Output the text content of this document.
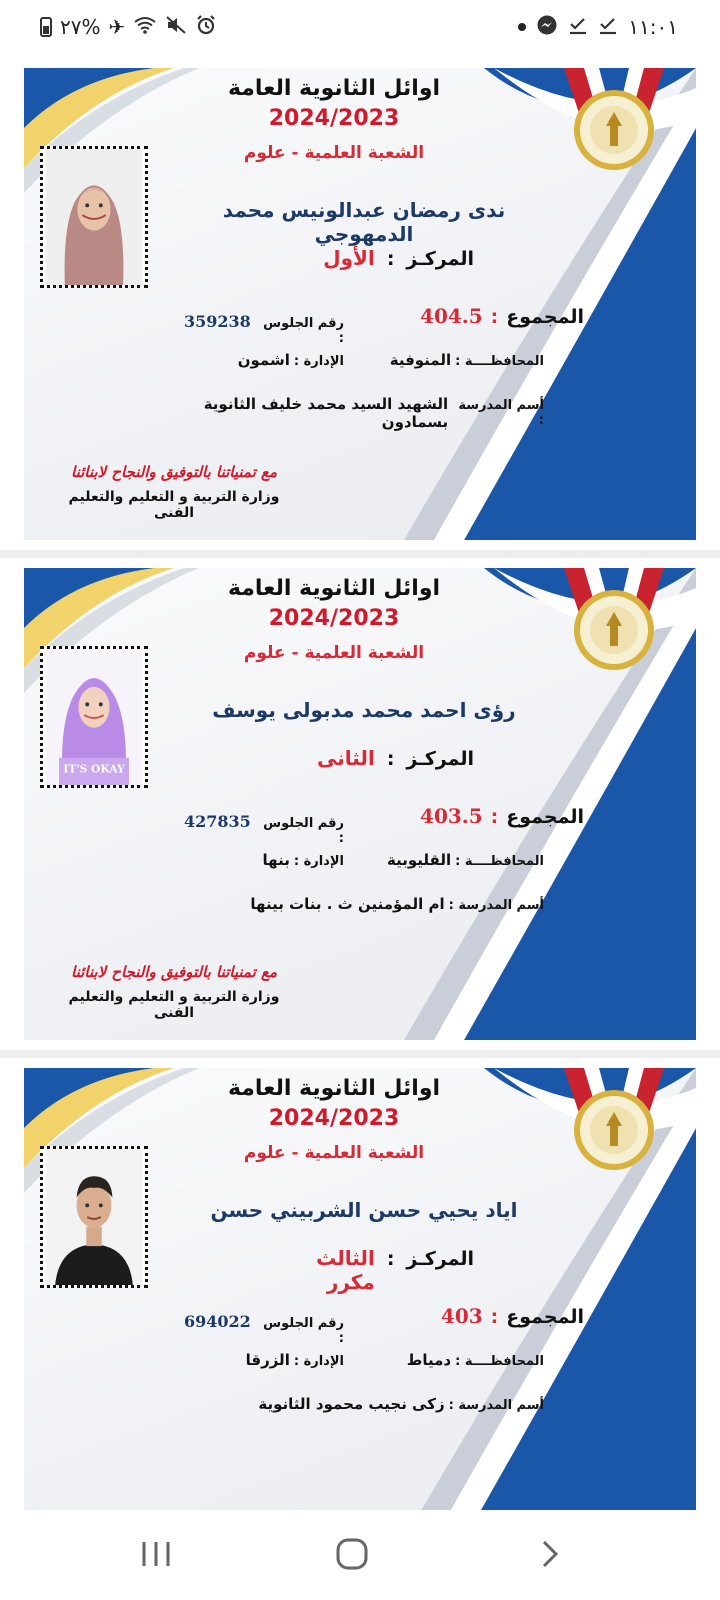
٢٧% ✈	١١:٠١
اوائل الثانوية العامة
2024/2023
الشعبة العلمية - علوم
ندى رمضان عبدالونيس محمد الدمهوجي
المركـز
:
الأول
المجموع
:
404.5
رقم الجلوس :
359238
المحافظــــة :
المنوفية
الإدارة :
اشمون
أسم المدرسة :
الشهيد السيد محمد خليف الثانوية بسمادون
مع تمنياتنا بالتوفيق والنجاح لابنائنا
وزارة التربية و التعليم والتعليم الفنى
اوائل الثانوية العامة
2024/2023
الشعبة العلمية - علوم
IT'S OKAY
رؤى احمد محمد مدبولى يوسف
المركـز
:
الثانى
المجموع
:
403.5
رقم الجلوس :
427835
المحافظــــة :
القليوبية
الإدارة :
بنها
أسم المدرسة :
ام المؤمنين ث . بنات بينها
مع تمنياتنا بالتوفيق والنجاح لابنائنا
وزارة التربية و التعليم والتعليم الفنى
اوائل الثانوية العامة
2024/2023
الشعبة العلمية - علوم
اياد يحيي حسن الشربيني حسن
المركـز
:
الثالث مكرر
المجموع
:
403
رقم الجلوس :
694022
المحافظــــة :
دمياط
الإدارة :
الزرقا
أسم المدرسة :
زكى نجيب محمود الثانوية
